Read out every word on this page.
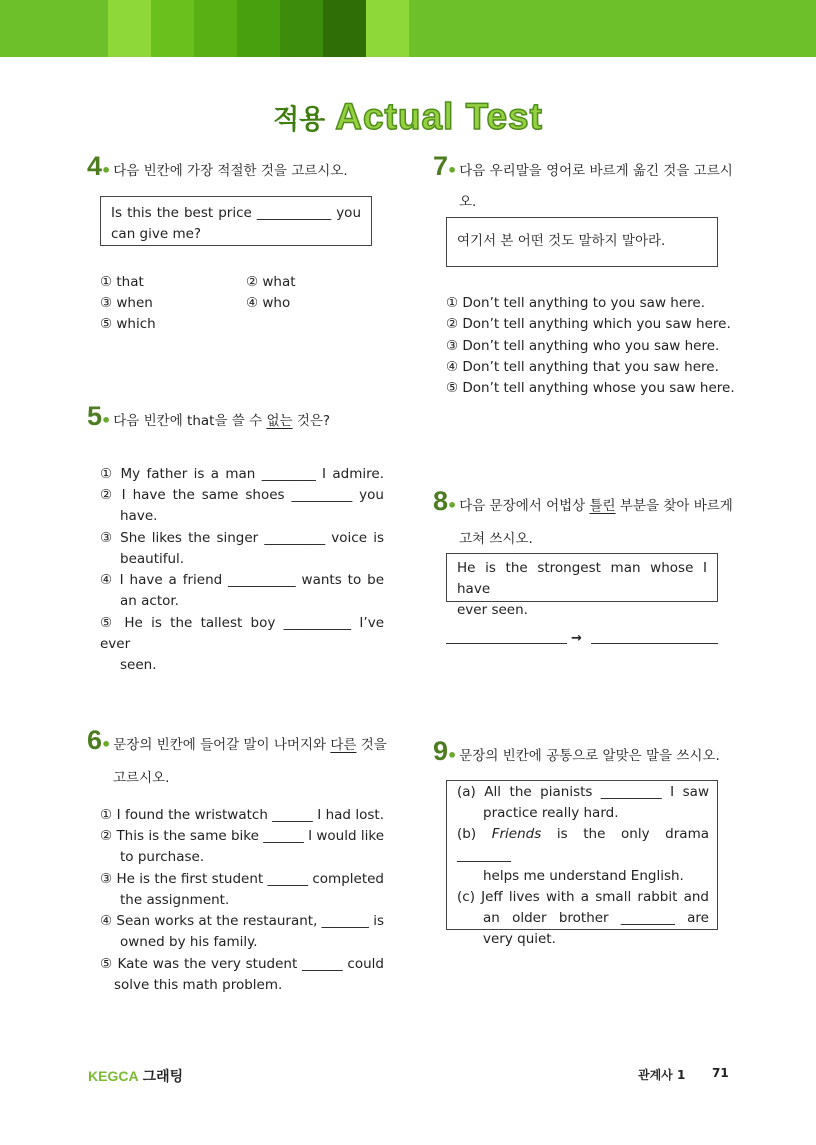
적용 Actual Test
4 • 다음 빈칸에 가장 적절한 것을 고르시오.
Is this the best price ___________ you
can give me?
① that	② what
③ when	④ who
⑤ which
5 • 다음 빈칸에 that을 쓸 수 없는 것은?
① My father is a man ________ I admire.
② I have the same shoes _________ you
have.
③ She likes the singer _________ voice is
beautiful.
④ I have a friend __________ wants to be
an actor.
⑤ He is the tallest boy __________ I’ve ever
seen.
6 • 문장의 빈칸에 들어갈 말이 나머지와 다른 것을
고르시오.
① I found the wristwatch ______ I had lost.
② This is the same bike ______ I would like
to purchase.
③ He is the first student ______ completed
the assignment.
④ Sean works at the restaurant, _______ is
owned by his family.
⑤ Kate was the very student ______ could
solve this math problem.
7 • 다음 우리말을 영어로 바르게 옮긴 것을 고르시
오.
여기서 본 어떤 것도 말하지 말아라.
① Don’t tell anything to you saw here.
② Don’t tell anything which you saw here.
③ Don’t tell anything who you saw here.
④ Don’t tell anything that you saw here.
⑤ Don’t tell anything whose you saw here.
8 • 다음 문장에서 어법상 틀린 부분을 찾아 바르게
고쳐 쓰시오.
He is the strongest man whose I have
ever seen.
→
9 • 문장의 빈칸에 공통으로 알맞은 말을 쓰시오.
(a) All the pianists _________ I saw
practice really hard.
(b) Friends is the only drama ________
helps me understand English.
(c) Jeff lives with a small rabbit and
an older brother ________ are
very quiet.
KEGCA 그래팅	관계사 1 71
